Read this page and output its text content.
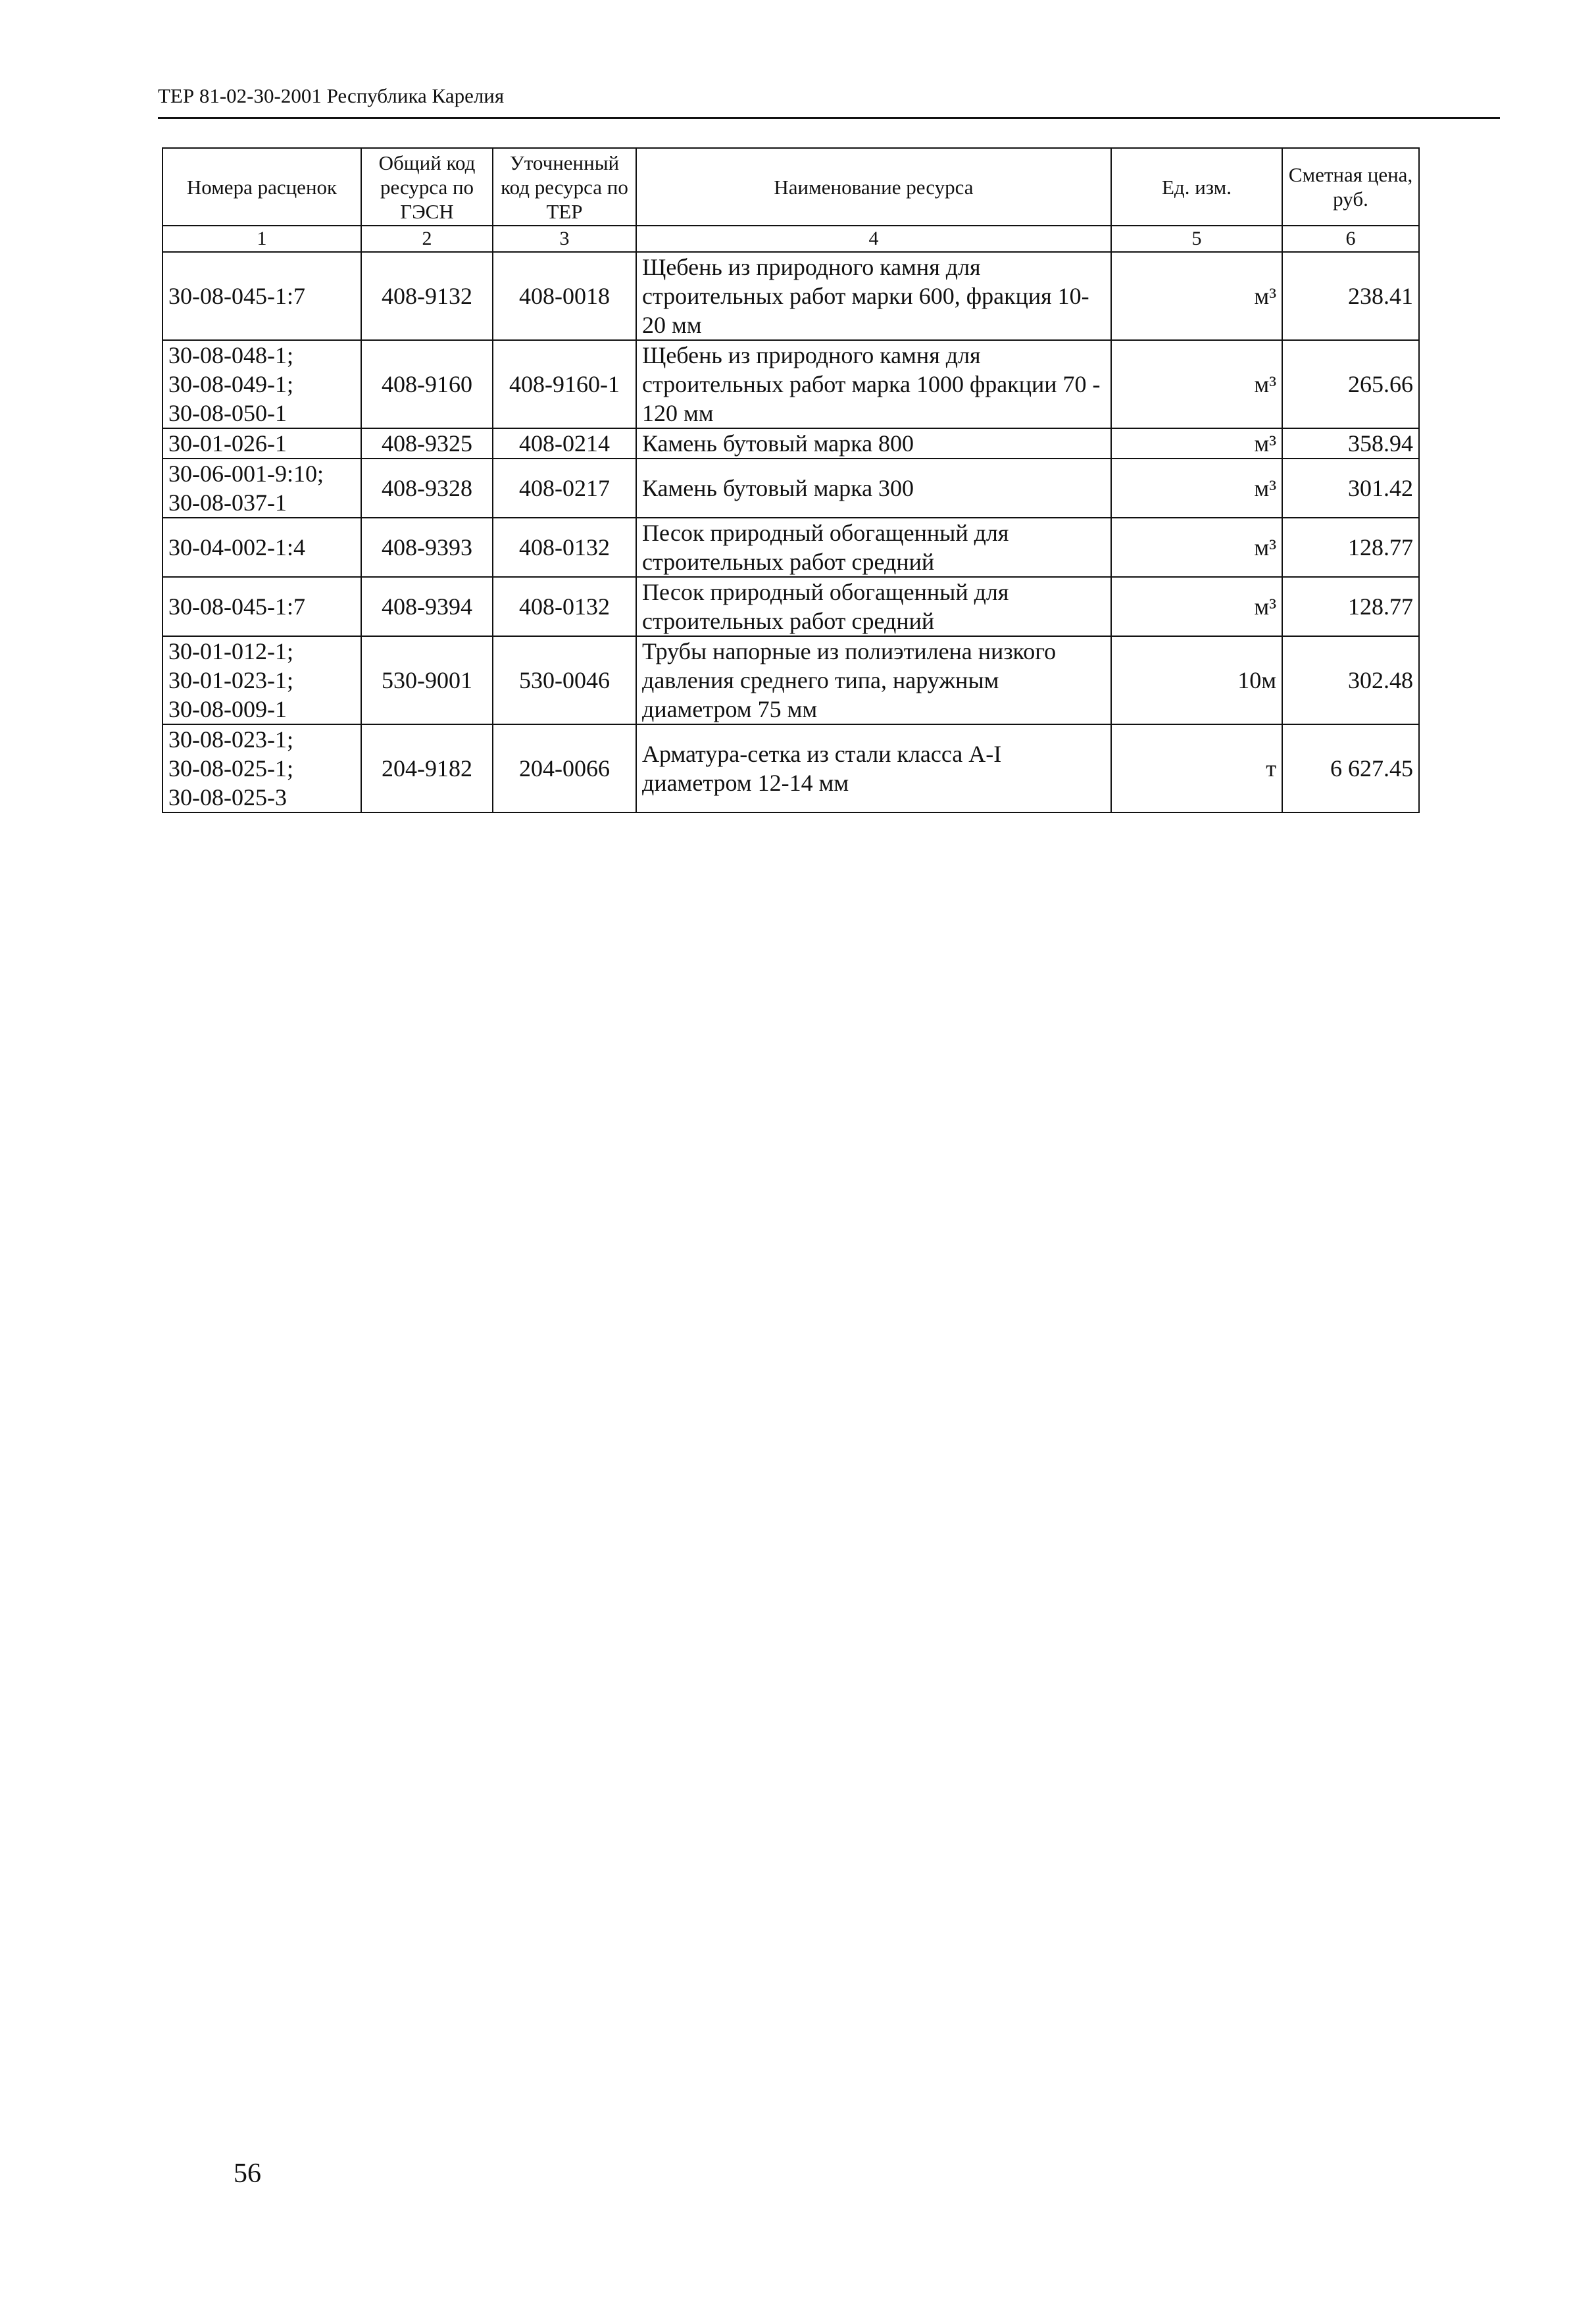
ТЕР 81-02-30-2001 Республика Карелия
Номера расценок	Общий код ресурса по ГЭСН	Уточненный код ресурса по ТЕР	Наименование ресурса	Ед. изм.	Сметная цена, руб.
1	2	3	4	5	6

30-08-045-1:7	408-9132	408-0018	Щебень из природного камня для строительных работ марки 600, фракция 10-20 мм	м³	238.41

30-08-048-1;
30-08-049-1;
30-08-050-1	408-9160	408-9160-1	Щебень из природного камня для строительных работ марка 1000 фракции 70 - 120 мм	м³	265.66

30-01-026-1	408-9325	408-0214	Камень бутовый марка 800	м³	358.94

30-06-001-9:10;
30-08-037-1	408-9328	408-0217	Камень бутовый марка 300	м³	301.42

30-04-002-1:4	408-9393	408-0132	Песок природный обогащенный для строительных работ средний	м³	128.77

30-08-045-1:7	408-9394	408-0132	Песок природный обогащенный для строительных работ средний	м³	128.77

30-01-012-1;
30-01-023-1;
30-08-009-1	530-9001	530-0046	Трубы напорные из полиэтилена низкого давления среднего типа, наружным диаметром 75 мм	10м	302.48

30-08-023-1;
30-08-025-1;
30-08-025-3	204-9182	204-0066	Арматура-сетка из стали класса А-I диаметром 12-14 мм	т	6 627.45
56
